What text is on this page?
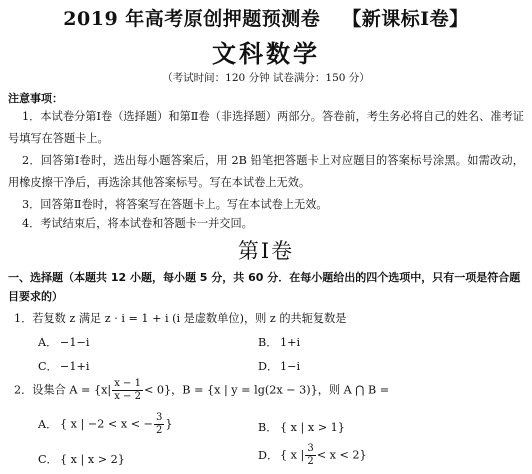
2019 年高考原创押题预测卷 【新课标Ⅰ卷】
文科数学
（考试时间：120 分钟 试卷满分：150 分）
注意事项：
1．本试卷分第Ⅰ卷（选择题）和第Ⅱ卷（非选择题）两部分。答卷前，考生务必将自己的姓名、准考证号填写在答题卡上。
2．回答第Ⅰ卷时，选出每小题答案后，用 2B 铅笔把答题卡上对应题目的答案标号涂黑。如需改动，用橡皮擦干净后，再选涂其他答案标号。写在本试卷上无效。
3．回答第Ⅱ卷时，将答案写在答题卡上。写在本试卷上无效。
4．考试结束后，将本试卷和答题卡一并交回。
第Ⅰ卷
一、选择题（本题共 12 小题，每小题 5 分，共 60 分．在每小题给出的四个选项中，只有一项是符合题目要求的）
1．若复数 z 满足 z · i = 1 + i (i 是虚数单位)，则 z 的共轭复数是
A． −1−i	B． 1+i
C． −1+i	D． 1−i
2．设集合 $A = \{x| \frac{x - 1}{x - 2} < 0\}$，B = {x | y = lg(2x − 3)}，则 A ⋂ B =
A． { x | −2 < x < − $\frac{3}{2}$ }	B． { x | x > 1}
C． { x | x > 2}	D． { x | $\frac{3}{2} < x < 2$}
